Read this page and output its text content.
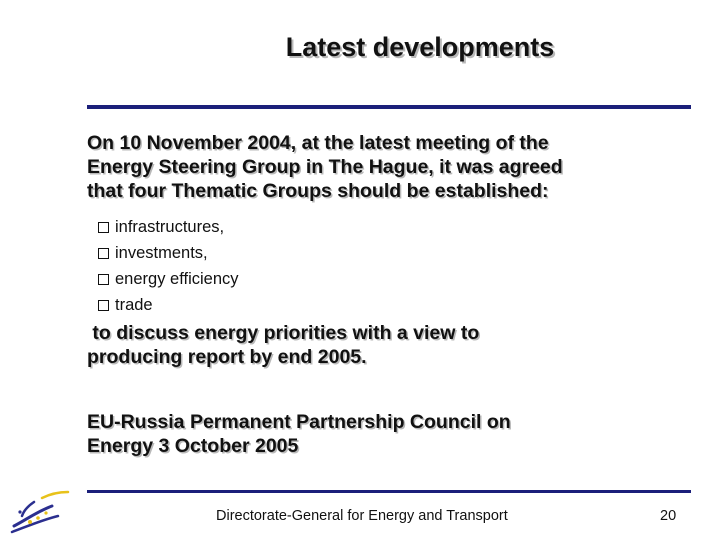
Latest developments

On 10 November 2004, at the latest meeting of the
Energy Steering Group in The Hague, it was agreed
that four Thematic Groups should be established:

infrastructures,
investments,
energy efficiency
trade

to discuss energy priorities with a view to
producing report by end 2005.

EU-Russia Permanent Partnership Council on
Energy 3 October 2005

Directorate-General for Energy and Transport	20
